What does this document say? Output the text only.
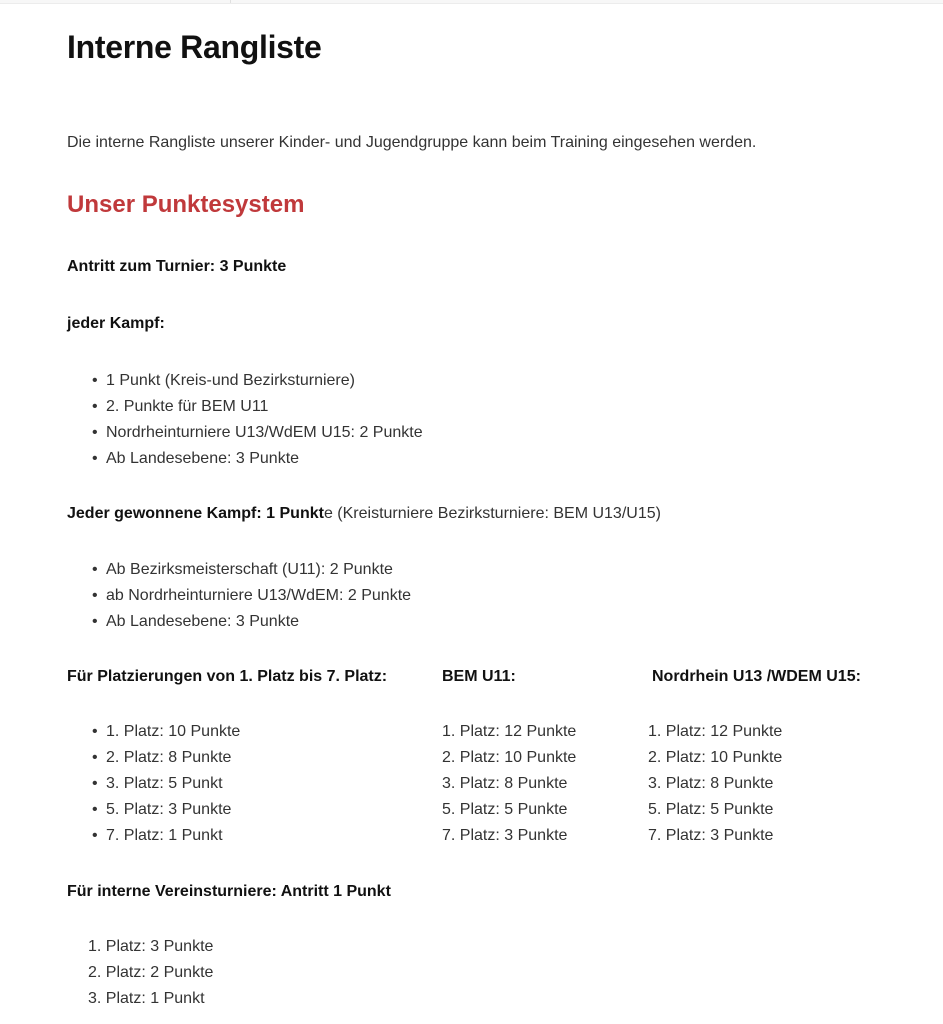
Interne Rangliste
Die interne Rangliste unserer Kinder- und Jugendgruppe kann beim Training eingesehen werden.
Unser Punktesystem
Antritt zum Turnier: 3 Punkte
jeder Kampf:
• 1 Punkt (Kreis-und Bezirksturniere)
• 2. Punkte für BEM U11
• Nordrheinturniere U13/WdEM U15: 2 Punkte
• Ab Landesebene: 3 Punkte
Jeder gewonnene Kampf: 1 Punkte (Kreisturniere Bezirksturniere: BEM U13/U15)
• Ab Bezirksmeisterschaft (U11): 2 Punkte
• ab Nordrheinturniere U13/WdEM: 2 Punkte
• Ab Landesebene: 3 Punkte
Für Platzierungen von 1. Platz bis 7. Platz:	BEM U11:	Nordrhein U13 /WDEM U15:
• 1. Platz: 10 Punkte
• 2. Platz: 8 Punkte
• 3. Platz: 5 Punkt
• 5. Platz: 3 Punkte
• 7. Platz: 1 Punkt
1. Platz: 12 Punkte
2. Platz: 10 Punkte
3. Platz: 8 Punkte
5. Platz: 5 Punkte
7. Platz: 3 Punkte
1. Platz: 12 Punkte
2. Platz: 10 Punkte
3. Platz: 8 Punkte
5. Platz: 5 Punkte
7. Platz: 3 Punkte
Für interne Vereinsturniere: Antritt 1 Punkt
1. Platz: 3 Punkte
2. Platz: 2 Punkte
3. Platz: 1 Punkt
